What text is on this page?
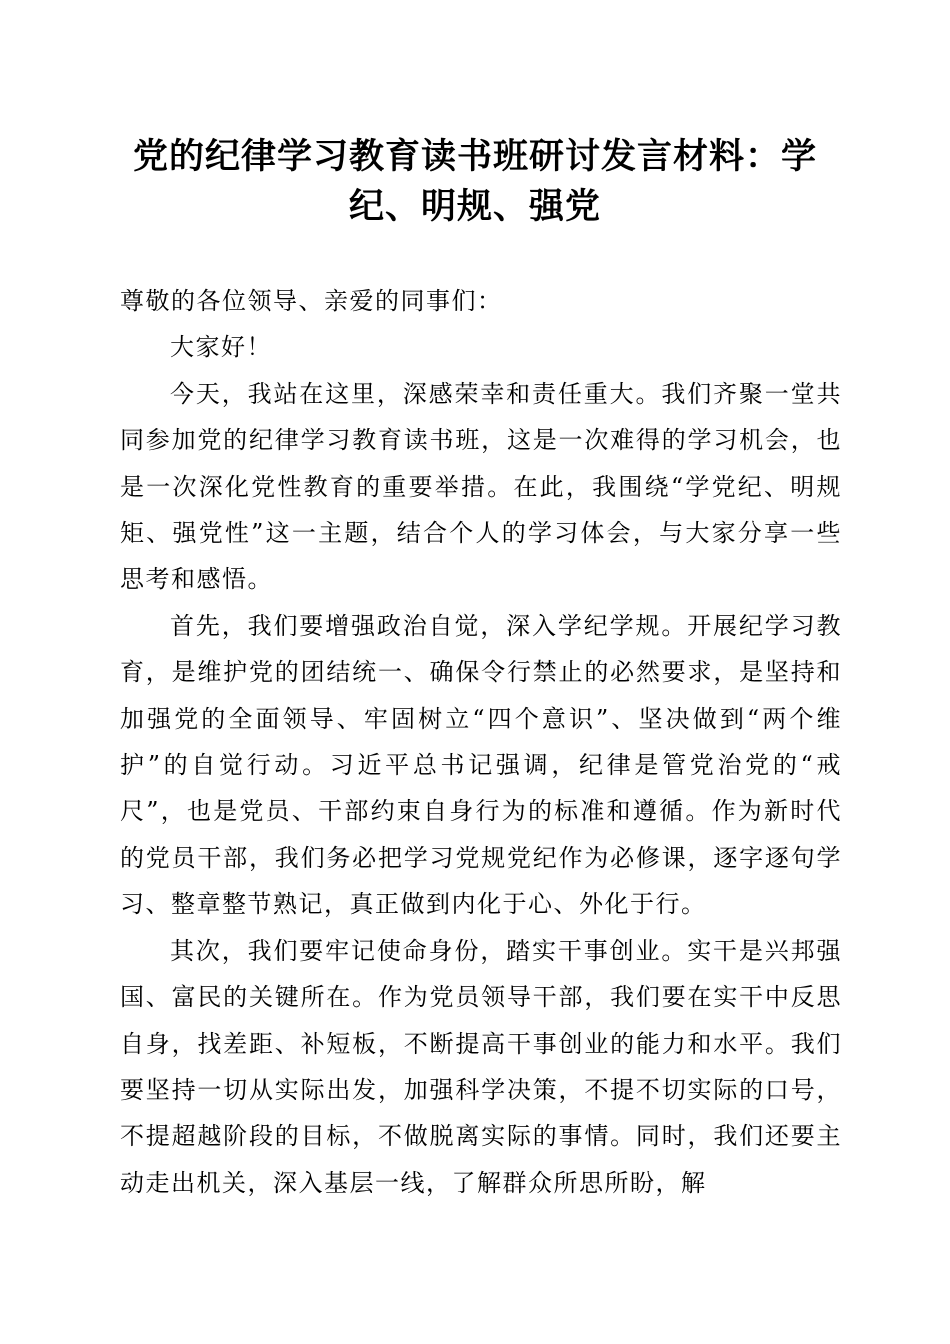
党的纪律学习教育读书班研讨发言材料：学纪、明规、强党

尊敬的各位领导、亲爱的同事们：

大家好！

今天，我站在这里，深感荣幸和责任重大。我们齐聚一堂共同参加党的纪律学习教育读书班，这是一次难得的学习机会，也是一次深化党性教育的重要举措。在此，我围绕“学党纪、明规矩、强党性”这一主题，结合个人的学习体会，与大家分享一些思考和感悟。

首先，我们要增强政治自觉，深入学纪学规。开展纪学习教育，是维护党的团结统一、确保令行禁止的必然要求，是坚持和加强党的全面领导、牢固树立“四个意识”、坚决做到“两个维护”的自觉行动。习近平总书记强调，纪律是管党治党的“戒尺”，也是党员、干部约束自身行为的标准和遵循。作为新时代的党员干部，我们务必把学习党规党纪作为必修课，逐字逐句学习、整章整节熟记，真正做到内化于心、外化于行。

其次，我们要牢记使命身份，踏实干事创业。实干是兴邦强国、富民的关键所在。作为党员领导干部，我们要在实干中反思自身，找差距、补短板，不断提高干事创业的能力和水平。我们要坚持一切从实际出发，加强科学决策，不提不切实际的口号，不提超越阶段的目标，不做脱离实际的事情。同时，我们还要主动走出机关，深入基层一线，了解群众所思所盼，解
